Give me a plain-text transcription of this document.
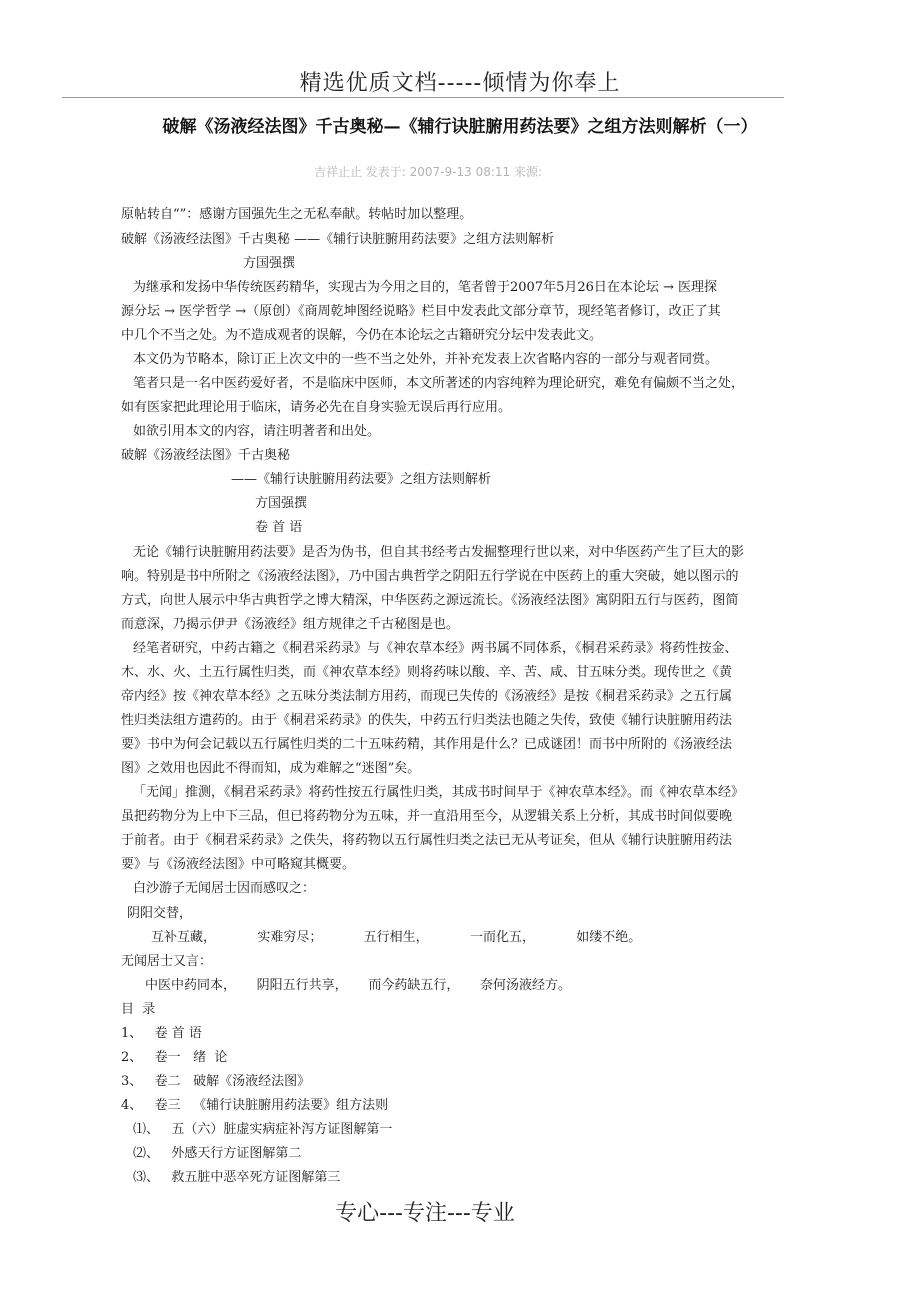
精选优质文档-----倾情为你奉上
破解《汤液经法图》千古奥秘—《辅行诀脏腑用药法要》之组方法则解析（一）
吉祥止止 发表于: 2007-9-13 08:11 来源:
原帖转自“”：感谢方国强先生之无私奉献。转帖时加以整理。
破解《汤液经法图》千古奥秘 ——《辅行诀脏腑用药法要》之组方法则解析
方国强撰
为继承和发扬中华传统医药精华，实现古为今用之目的，笔者曾于2007年5月26日在本论坛 → 医理探
源分坛 → 医学哲学 →（原创）《商周乾坤图经说略》栏目中发表此文部分章节，现经笔者修订，改正了其
中几个不当之处。为不造成观者的误解，今仍在本论坛之古籍研究分坛中发表此文。
本文仍为节略本，除订正上次文中的一些不当之处外，并补充发表上次省略内容的一部分与观者同赏。
笔者只是一名中医药爱好者，不是临床中医师，本文所著述的内容纯粹为理论研究，难免有偏颇不当之处，
如有医家把此理论用于临床，请务必先在自身实验无误后再行应用。
如欲引用本文的内容，请注明著者和出处。
破解《汤液经法图》千古奥秘
——《辅行诀脏腑用药法要》之组方法则解析
方国强撰
卷 首 语
无论《辅行诀脏腑用药法要》是否为伪书，但自其书经考古发掘整理行世以来，对中华医药产生了巨大的影
响。特别是书中所附之《汤液经法图》，乃中国古典哲学之阴阳五行学说在中医药上的重大突破，她以图示的
方式，向世人展示中华古典哲学之博大精深，中华医药之源远流长。《汤液经法图》寓阴阳五行与医药，图简
而意深，乃揭示伊尹《汤液经》组方规律之千古秘图是也。
经笔者研究，中药古籍之《桐君采药录》与《神农草本经》两书属不同体系，《桐君采药录》将药性按金、
木、水、火、土五行属性归类，而《神农草本经》则将药味以酸、辛、苦、咸、甘五味分类。现传世之《黄
帝内经》按《神农草本经》之五味分类法制方用药，而现已失传的《汤液经》是按《桐君采药录》之五行属
性归类法组方遣药的。由于《桐君采药录》的佚失，中药五行归类法也随之失传，致使《辅行诀脏腑用药法
要》书中为何会记载以五行属性归类的二十五味药精，其作用是什么？已成谜团！而书中所附的《汤液经法
图》之效用也因此不得而知，成为难解之“迷图”矣。
「无闻」推测，《桐君采药录》将药性按五行属性归类，其成书时间早于《神农草本经》。而《神农草本经》
虽把药物分为上中下三品，但已将药物分为五味，并一直沿用至今，从逻辑关系上分析，其成书时间似要晚
于前者。由于《桐君采药录》之佚失，将药物以五行属性归类之法已无从考证矣，但从《辅行诀脏腑用药法
要》与《汤液经法图》中可略窥其概要。
白沙游子无闻居士因而感叹之：
阴阳交替，
互补互藏，          实难穷尽；          五行相生，          一而化五，          如缕不绝。
无闻居士又言：
中医中药同本，     阴阳五行共享，     而今药缺五行，     奈何汤液经方。
目  录
1、   卷 首 语
2、   卷一   绪  论
3、   卷二   破解《汤液经法图》
4、   卷三   《辅行诀脏腑用药法要》组方法则
⑴、   五（六）脏虚实病症补泻方证图解第一
⑵、   外感天行方证图解第二
⑶、   救五脏中恶卒死方证图解第三
专心---专注---专业
